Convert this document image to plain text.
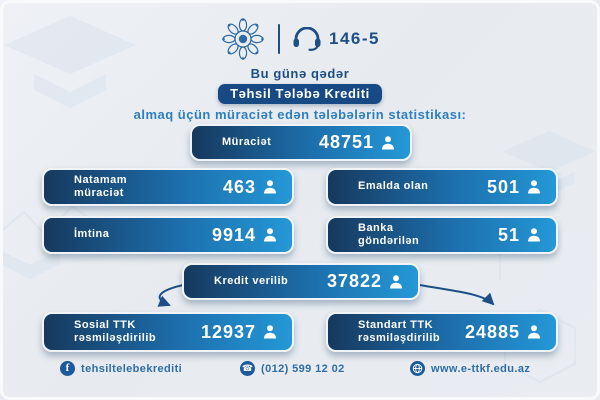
146-5
Bu günə qədər
Təhsil Tələbə Krediti
almaq üçün müraciət edən tələbələrin statistikası:
Müraciət	48751
Natamam müraciət	463	Emalda olan	501
İmtina	9914	Banka göndərilən	51
Kredit verilib 37822
Sosial TTK rəsmiləşdirilib	12937	Standart TTK rəsmiləşdirilib	24885
f tehsiltelebekrediti	☎ (012) 599 12 02	www.e-ttkf.edu.az
